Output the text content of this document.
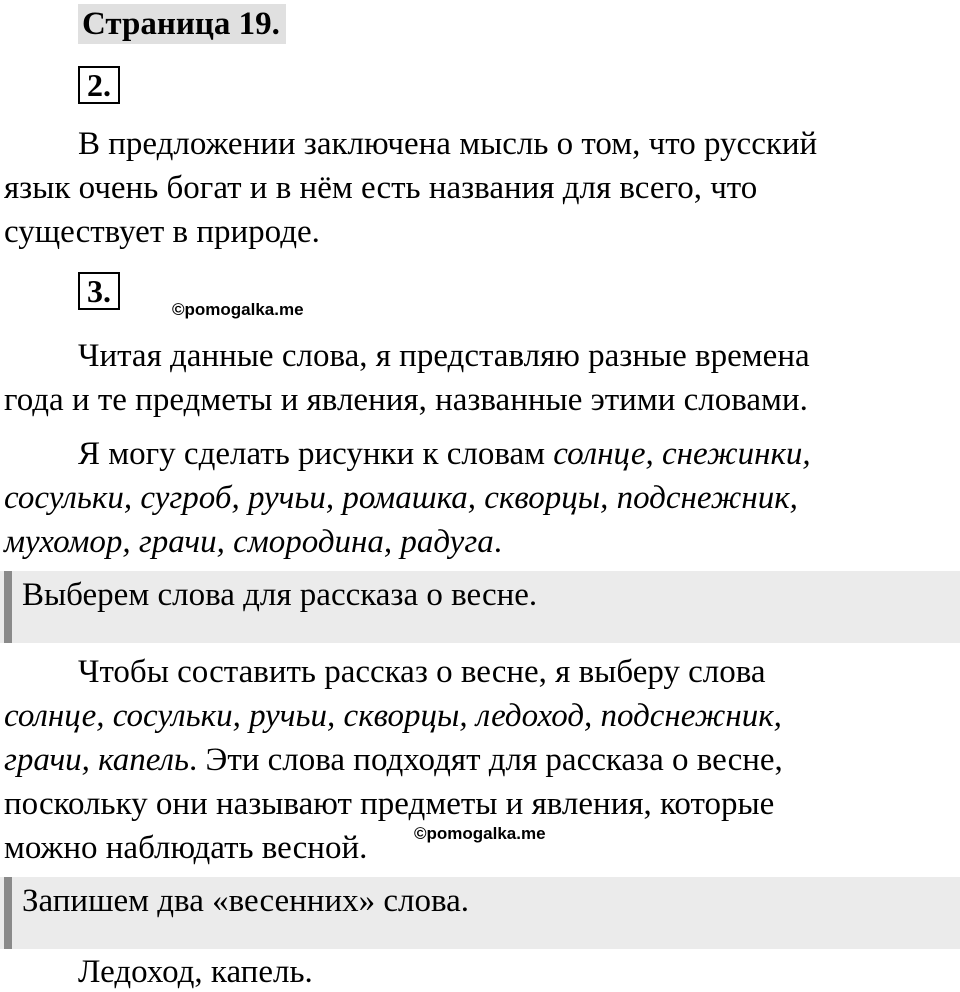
Страница 19.
2.
В предложении заключена мысль о том, что русский
язык очень богат и в нём есть названия для всего, что
существует в природе.
3.
©pomogalka.me
Читая данные слова, я представляю разные времена
года и те предметы и явления, названные этими словами.
Я могу сделать рисунки к словам солнце, снежинки,
сосульки, сугроб, ручьи, ромашка, скворцы, подснежник,
мухомор, грачи, смородина, радуга.
Выберем слова для рассказа о весне.
Чтобы составить рассказ о весне, я выберу слова
солнце, сосульки, ручьи, скворцы, ледоход, подснежник,
грачи, капель. Эти слова подходят для рассказа о весне,
поскольку они называют предметы и явления, которые
можно наблюдать весной.	©pomogalka.me
Запишем два «весенних» слова.
Ледоход, капель.
